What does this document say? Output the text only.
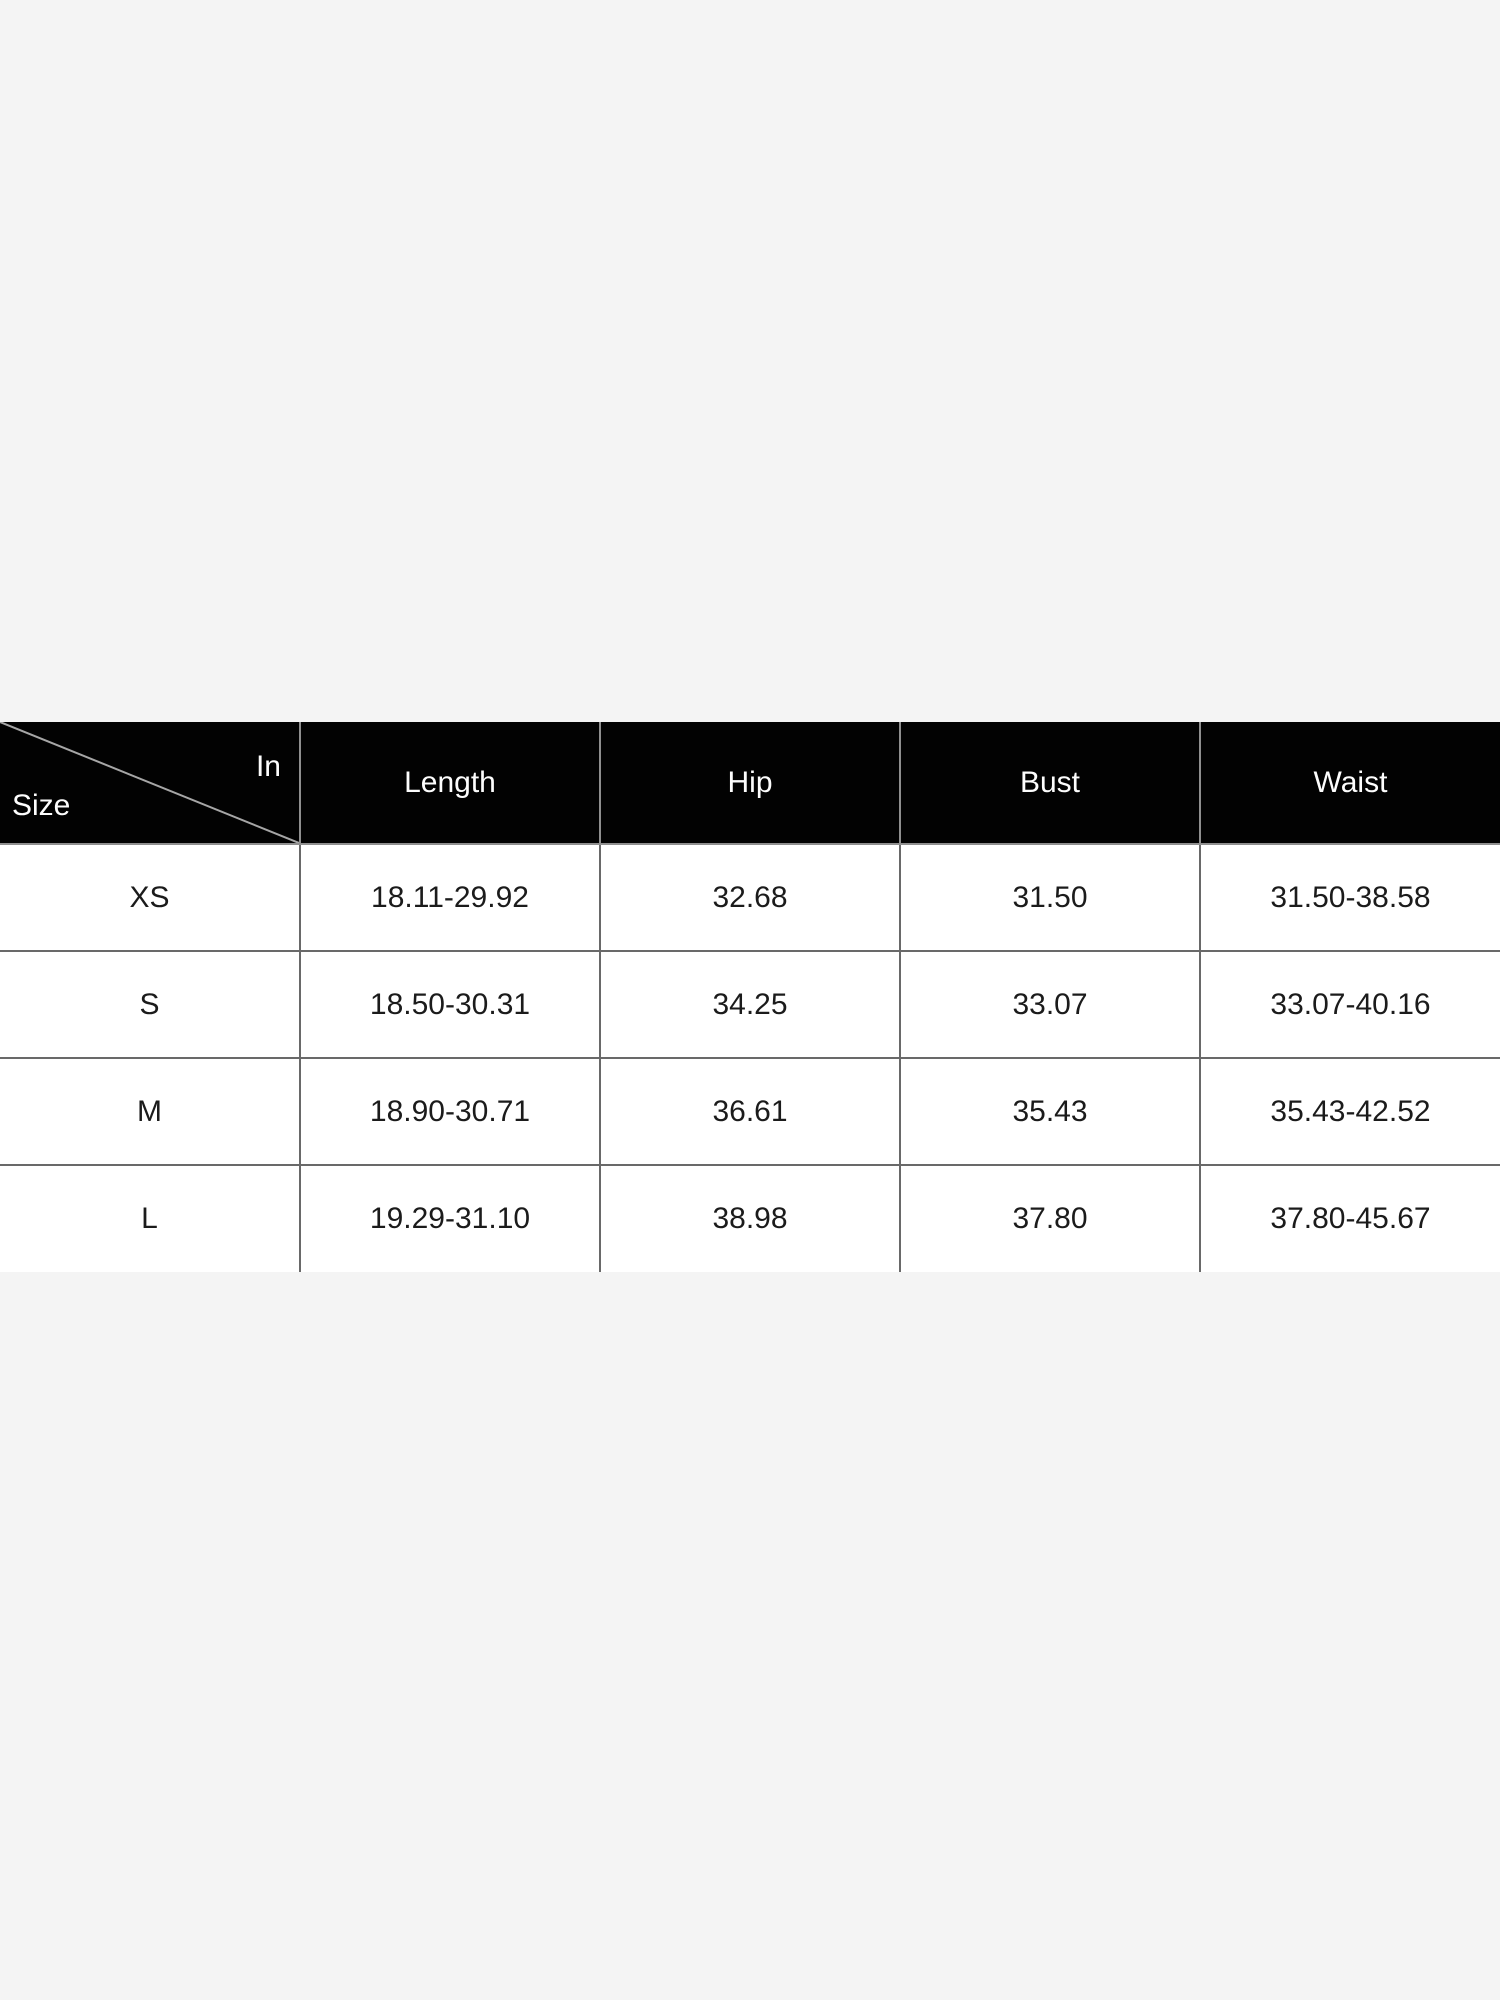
In
Size	Length	Hip	Bust	Waist
XS	18.11-29.92	32.68	31.50	31.50-38.58
S	18.50-30.31	34.25	33.07	33.07-40.16
M	18.90-30.71	36.61	35.43	35.43-42.52
L	19.29-31.10	38.98	37.80	37.80-45.67
